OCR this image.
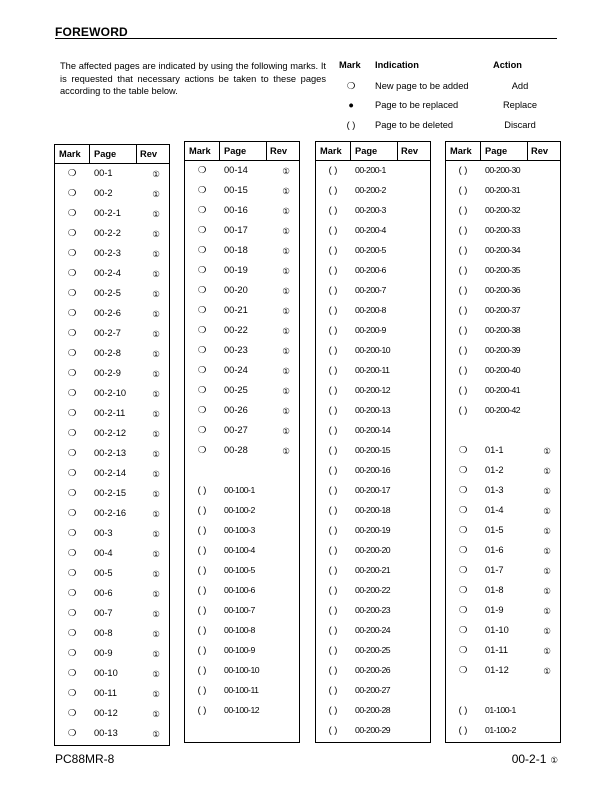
FOREWORD
The affected pages are indicated by using the following marks. It is requested that necessary actions be taken to these pages according to the table below.
Mark Indication	Action
❍	New page to be added	Add
●	Page to be replaced	Replace
( )	Page to be deleted	Discard
Mark Page	Rev
❍	00-1	①
❍	00-2	①
❍	00-2-1	①
❍	00-2-2	①
❍	00-2-3	①
❍	00-2-4	①
❍	00-2-5	①
❍	00-2-6	①
❍	00-2-7	①
❍	00-2-8	①
❍	00-2-9	①
❍	00-2-10	①
❍	00-2-11	①
❍	00-2-12	①
❍	00-2-13	①
❍	00-2-14	①
❍	00-2-15	①
❍	00-2-16	①
❍	00-3	①
❍	00-4	①
❍	00-5	①
❍	00-6	①
❍	00-7	①
❍	00-8	①
❍	00-9	①
❍	00-10	①
❍	00-11	①
❍	00-12	①
❍	00-13	①
Mark Page	Rev
❍	00-14	①
❍	00-15	①
❍	00-16	①
❍	00-17	①
❍	00-18	①
❍	00-19	①
❍	00-20	①
❍	00-21	①
❍	00-22	①
❍	00-23	①
❍	00-24	①
❍	00-25	①
❍	00-26	①
❍	00-27	①
❍	00-28	①
( )	00-100-1
( )	00-100-2
( )	00-100-3
( )	00-100-4
( )	00-100-5
( )	00-100-6
( )	00-100-7
( )	00-100-8
( )	00-100-9
( )	00-100-10
( )	00-100-11
( )	00-100-12
Mark Page	Rev
( )	00-200-1
( )	00-200-2
( )	00-200-3
( )	00-200-4
( )	00-200-5
( )	00-200-6
( )	00-200-7
( )	00-200-8
( )	00-200-9
( )	00-200-10
( )	00-200-11
( )	00-200-12
( )	00-200-13
( )	00-200-14
( )	00-200-15
( )	00-200-16
( )	00-200-17
( )	00-200-18
( )	00-200-19
( )	00-200-20
( )	00-200-21
( )	00-200-22
( )	00-200-23
( )	00-200-24
( )	00-200-25
( )	00-200-26
( )	00-200-27
( )	00-200-28
( )	00-200-29
Mark Page	Rev
( )	00-200-30
( )	00-200-31
( )	00-200-32
( )	00-200-33
( )	00-200-34
( )	00-200-35
( )	00-200-36
( )	00-200-37
( )	00-200-38
( )	00-200-39
( )	00-200-40
( )	00-200-41
( )	00-200-42
❍	01-1	①
❍	01-2	①
❍	01-3	①
❍	01-4	①
❍	01-5	①
❍	01-6	①
❍	01-7	①
❍	01-8	①
❍	01-9	①
❍	01-10	①
❍	01-11	①
❍	01-12	①
( )	01-100-1
( )	01-100-2
PC88MR-8	00-2-1 ①
